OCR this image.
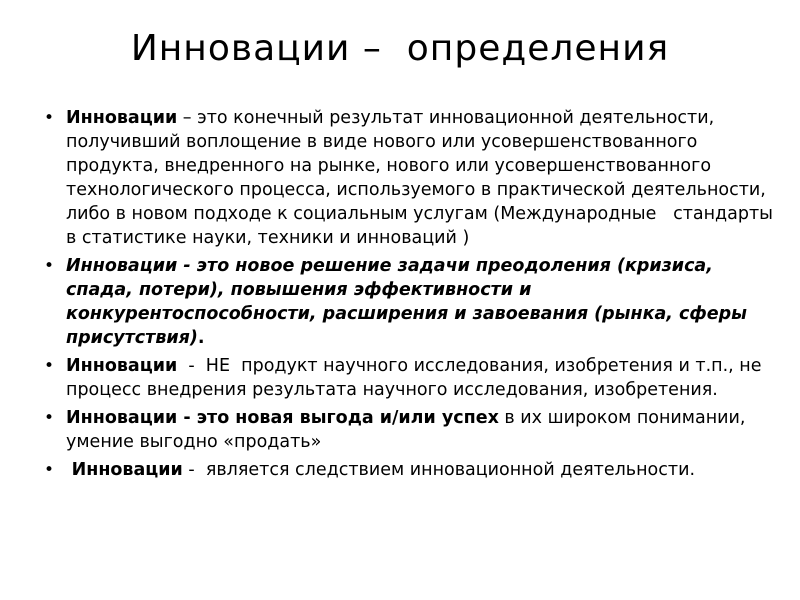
Инновации –  определения
• Инновации – это конечный результат инновационной деятельности, получивший воплощение в виде нового или усовершенствованного продукта, внедренного на рынке, нового или усовершенствованного технологического процесса, используемого в практической деятельности, либо в новом подходе к социальным услугам (Международные   стандарты  в статистике науки, техники и инноваций )
• Инновации - это новое решение задачи преодоления (кризиса, спада, потери), повышения эффективности и конкурентоспособности, расширения и завоевания (рынка, сферы присутствия).
• Инновации  -  НЕ  продукт научного исследования, изобретения и т.п., не процесс внедрения результата научного исследования, изобретения.
• Инновации - это новая выгода и/или успех в их широком понимании, умение выгодно «продать»
• Инновации -  является следствием инновационной деятельности.
